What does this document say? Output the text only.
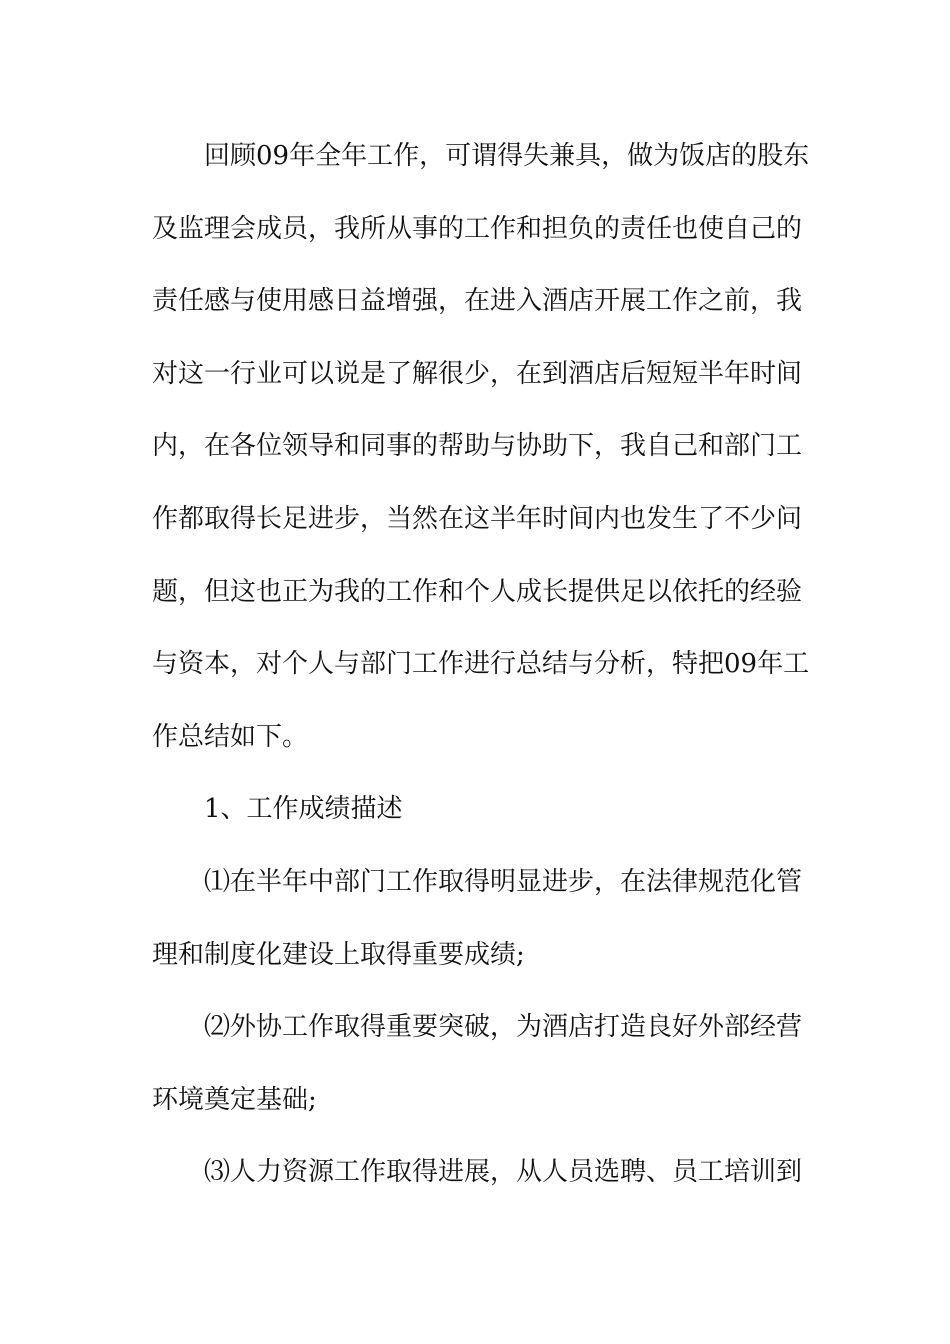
回顾09年全年工作，可谓得失兼具，做为饭店的股东
及监理会成员，我所从事的工作和担负的责任也使自己的
责任感与使用感日益增强，在进入酒店开展工作之前，我
对这一行业可以说是了解很少，在到酒店后短短半年时间
内，在各位领导和同事的帮助与协助下，我自己和部门工
作都取得长足进步，当然在这半年时间内也发生了不少问
题，但这也正为我的工作和个人成长提供足以依托的经验
与资本，对个人与部门工作进行总结与分析，特把09年工
作总结如下。
1、工作成绩描述
⑴在半年中部门工作取得明显进步，在法律规范化管
理和制度化建设上取得重要成绩;
⑵外协工作取得重要突破，为酒店打造良好外部经营
环境奠定基础;
⑶人力资源工作取得进展，从人员选聘、员工培训到
